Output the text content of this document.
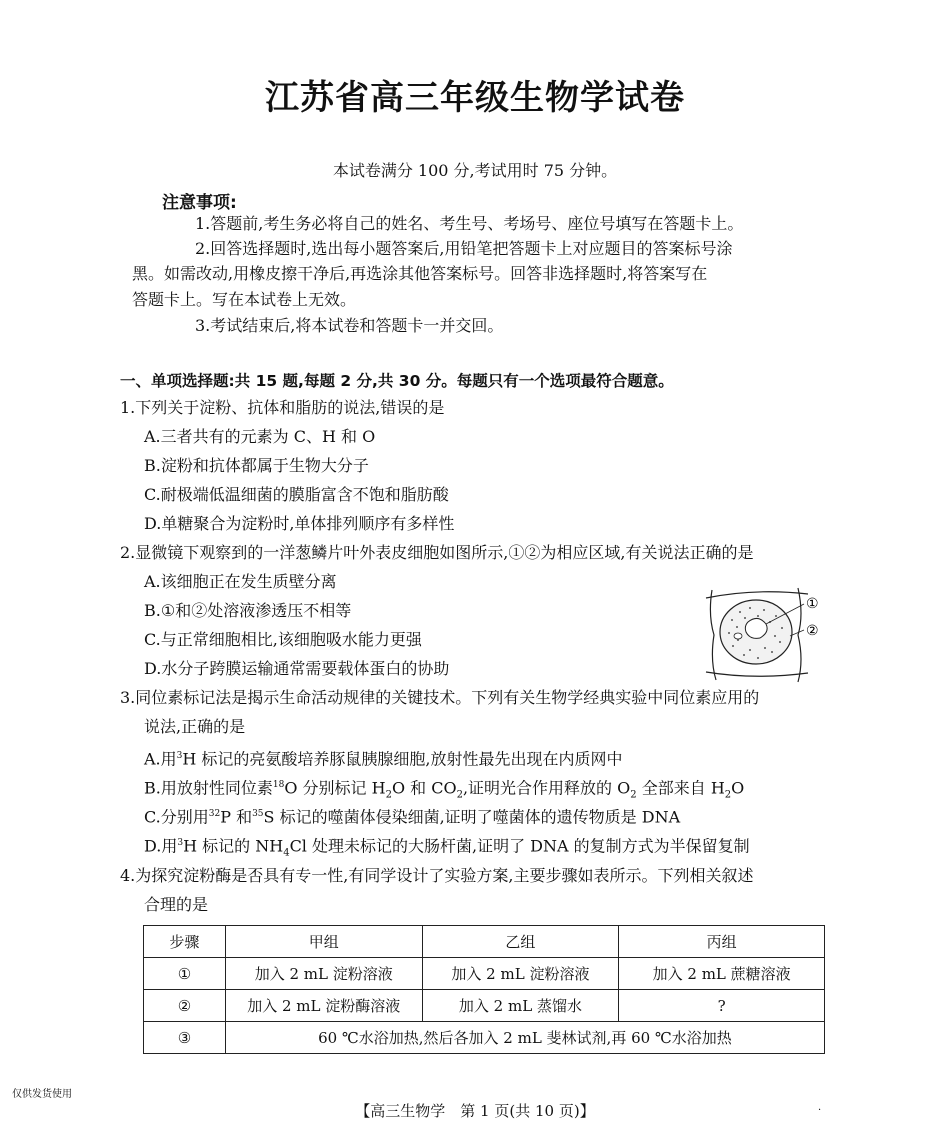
江苏省高三年级生物学试卷
本试卷满分 100 分,考试用时 75 分钟。
注意事项:
1.答题前,考生务必将自己的姓名、考生号、考场号、座位号填写在答题卡上。
2.回答选择题时,选出每小题答案后,用铅笔把答题卡上对应题目的答案标号涂
黑。如需改动,用橡皮擦干净后,再选涂其他答案标号。回答非选择题时,将答案写在
答题卡上。写在本试卷上无效。
3.考试结束后,将本试卷和答题卡一并交回。
一、单项选择题:共 15 题,每题 2 分,共 30 分。每题只有一个选项最符合题意。
1.下列关于淀粉、抗体和脂肪的说法,错误的是
A.三者共有的元素为 C、H 和 O
B.淀粉和抗体都属于生物大分子
C.耐极端低温细菌的膜脂富含不饱和脂肪酸
D.单糖聚合为淀粉时,单体排列顺序有多样性
2.显微镜下观察到的一洋葱鳞片叶外表皮细胞如图所示,①②为相应区域,有关说法正确的是
A.该细胞正在发生质壁分离
B.①和②处溶液渗透压不相等
C.与正常细胞相比,该细胞吸水能力更强
D.水分子跨膜运输通常需要载体蛋白的协助
①
②
3.同位素标记法是揭示生命活动规律的关键技术。下列有关生物学经典实验中同位素应用的
说法,正确的是
A.用$^3$H 标记的亮氨酸培养豚鼠胰腺细胞,放射性最先出现在内质网中
B.用放射性同位素$^{18}$O 分别标记 $H_2O$ 和 $CO_2$,证明光合作用释放的 $O_2$ 全部来自 $H_2O$
C.分别用$^{32}$P 和$^{35}$S 标记的噬菌体侵染细菌,证明了噬菌体的遗传物质是 DNA
D.用$^3$H 标记的 $NH_4Cl$ 处理未标记的大肠杆菌,证明了 DNA 的复制方式为半保留复制
4.为探究淀粉酶是否具有专一性,有同学设计了实验方案,主要步骤如表所示。下列相关叙述
合理的是
步骤	甲组	乙组	丙组
①	加入 2 mL 淀粉溶液	加入 2 mL 淀粉溶液	加入 2 mL 蔗糖溶液
②	加入 2 mL 淀粉酶溶液	加入 2 mL 蒸馏水	?
③	60 ℃水浴加热,然后各加入 2 mL 斐林试剂,再 60 ℃水浴加热		
仅供发货使用
【高三生物学　第 1 页(共 10 页)】	·
